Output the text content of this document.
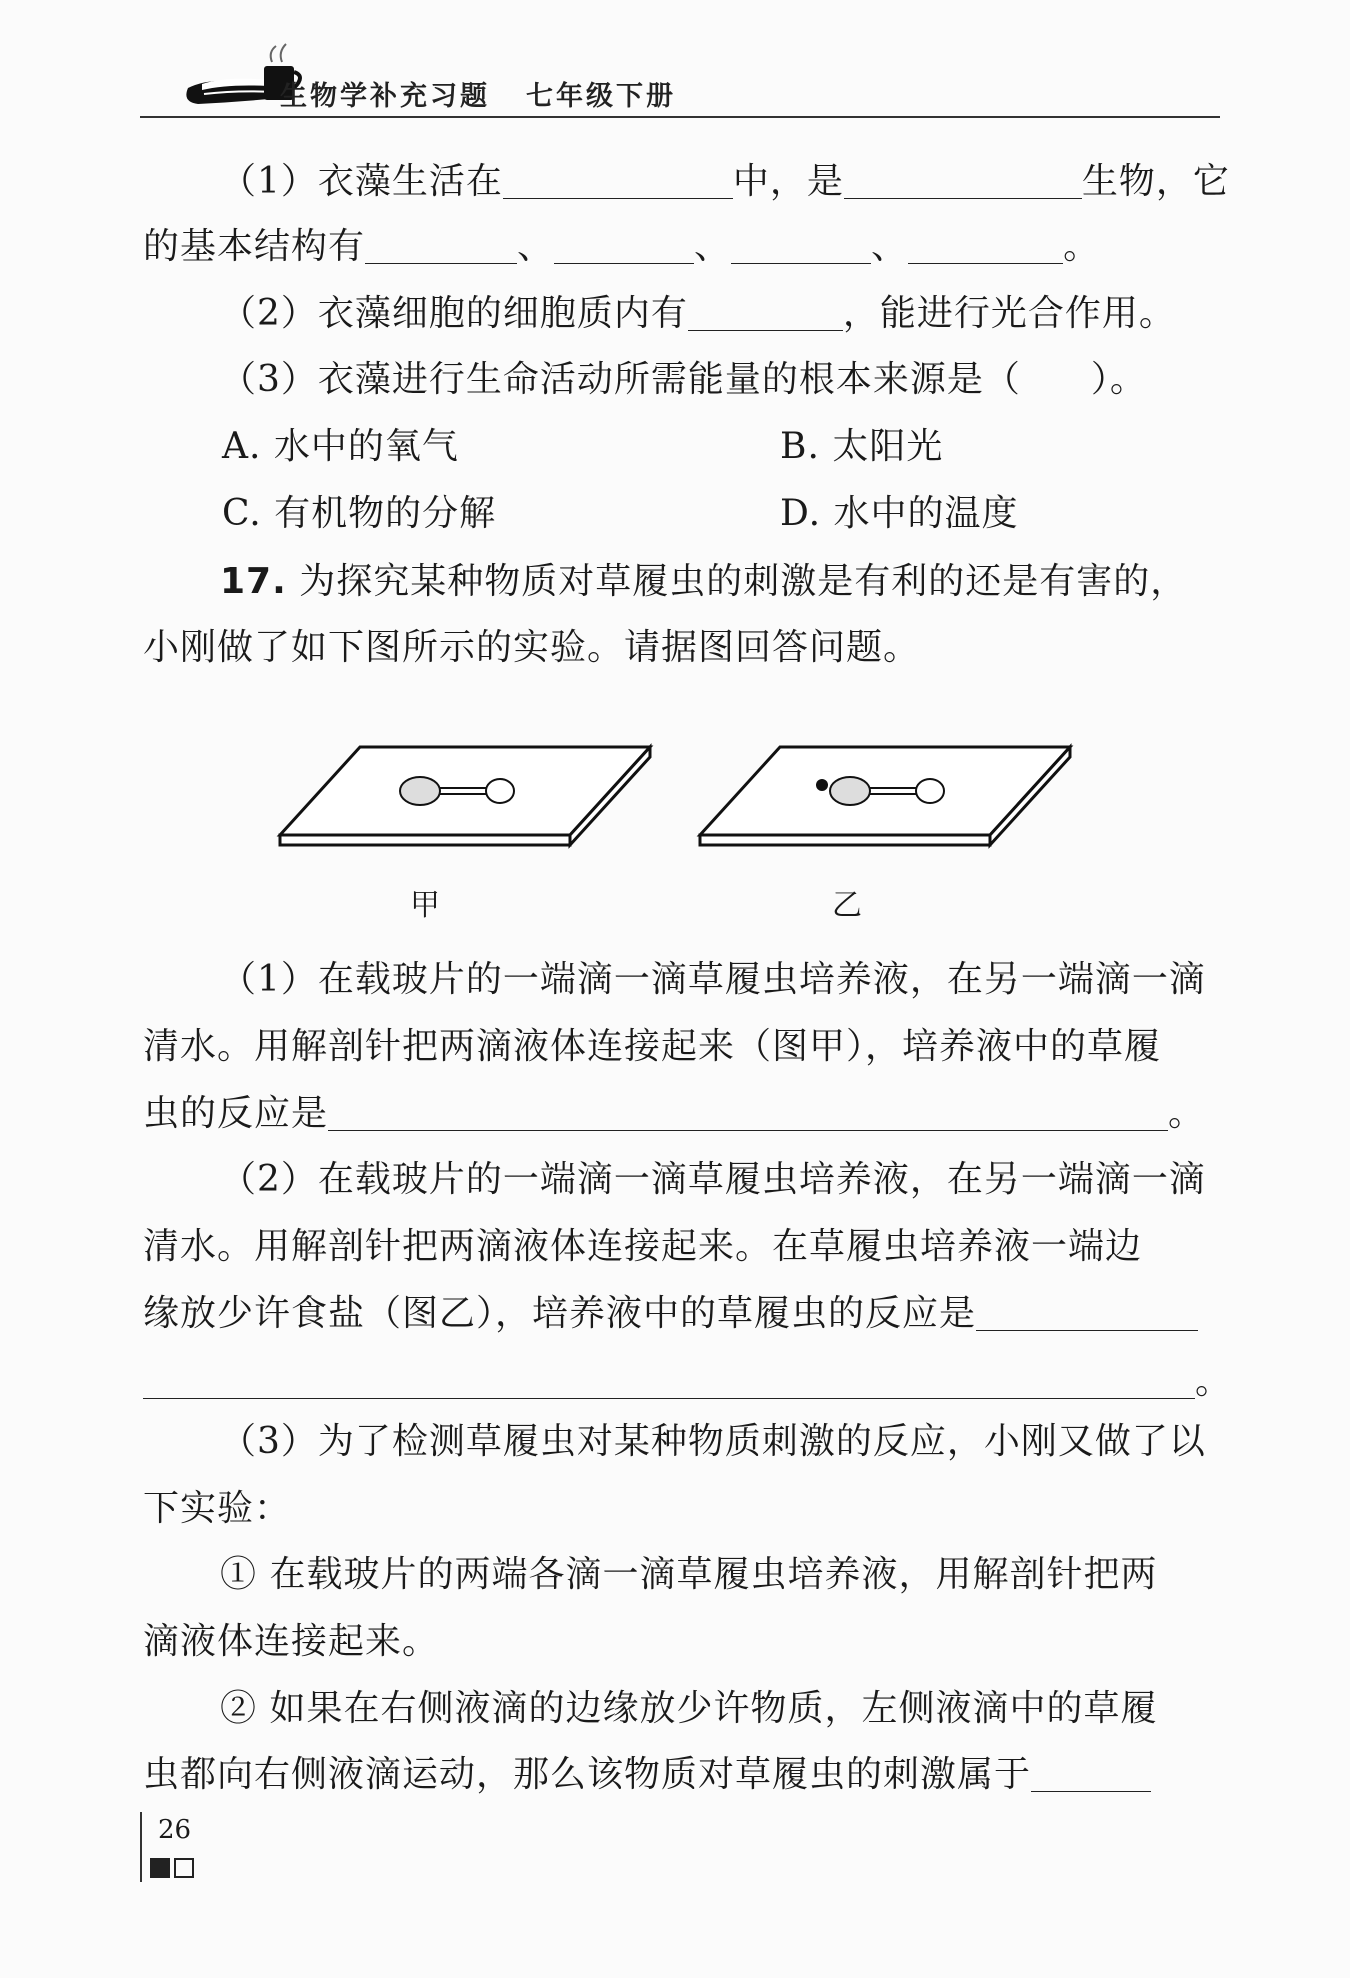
生物学补充习题 七年级下册
（1）衣藻生活在	中，是	生物，它
的基本结构有	、	、	、	。
（2）衣藻细胞的细胞质内有	，能进行光合作用。
（3）衣藻进行生命活动所需能量的根本来源是（ ）。
A. 水中的氧气	B. 太阳光
C. 有机物的分解	D. 水中的温度
17. 为探究某种物质对草履虫的刺激是有利的还是有害的，
小刚做了如下图所示的实验。请据图回答问题。
甲	乙
（1）在载玻片的一端滴一滴草履虫培养液，在另一端滴一滴
清水。用解剖针把两滴液体连接起来（图甲），培养液中的草履
虫的反应是	。
（2）在载玻片的一端滴一滴草履虫培养液，在另一端滴一滴
清水。用解剖针把两滴液体连接起来。在草履虫培养液一端边
缘放少许食盐（图乙），培养液中的草履虫的反应是
。
（3）为了检测草履虫对某种物质刺激的反应，小刚又做了以
下实验：
① 在载玻片的两端各滴一滴草履虫培养液，用解剖针把两
滴液体连接起来。
② 如果在右侧液滴的边缘放少许物质，左侧液滴中的草履
虫都向右侧液滴运动，那么该物质对草履虫的刺激属于
26
